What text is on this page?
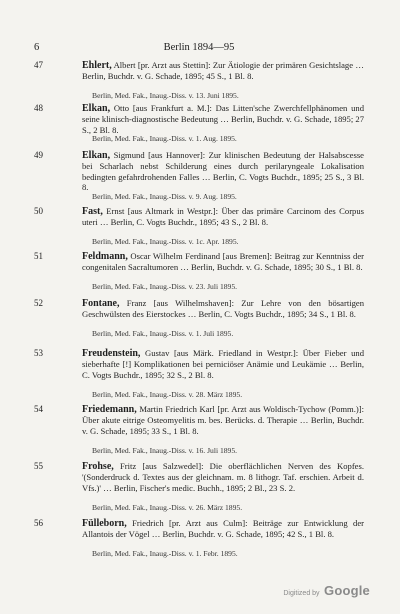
6	Berlin 1894—95
47	Ehlert, Albert [pr. Arzt aus Stettin]: Zur Ätiologie der primären Gesichtslage … Berlin, Buchdr. v. G. Schade, 1895; 45 S., 1 Bl. 8.
Berlin, Med. Fak., Inaug.-Diss. v. 13. Juni 1895.
48	Elkan, Otto [aus Frankfurt a. M.]: Das Litten'sche Zwerchfellphänomen und seine klinisch-diagnostische Bedeutung … Berlin, Buchdr. v. G. Schade, 1895; 27 S., 2 Bl. 8.
Berlin, Med. Fak., Inaug.-Diss. v. 1. Aug. 1895.
49	Elkan, Sigmund [aus Hannover]: Zur klinischen Bedeutung der Halsabscesse bei Scharlach nebst Schilderung eines durch perilaryngeale Lokalisation bedingten gefahrdrohenden Falles … Berlin, C. Vogts Buchdr., 1895; 25 S., 3 Bl. 8.
Berlin, Med. Fak., Inaug.-Diss. v. 9. Aug. 1895.
50	Fast, Ernst [aus Altmark in Westpr.]: Über das primäre Carcinom des Corpus uteri … Berlin, C. Vogts Buchdr., 1895; 43 S., 2 Bl. 8.
Berlin, Med. Fak., Inaug.-Diss. v. 1c. Apr. 1895.
51	Feldmann, Oscar Wilhelm Ferdinand [aus Bremen]: Beitrag zur Kenntniss der congenitalen Sacraltumoren … Berlin, Buchdr. v. G. Schade, 1895; 30 S., 1 Bl. 8.
Berlin, Med. Fak., Inaug.-Diss. v. 23. Juli 1895.
52	Fontane, Franz [aus Wilhelmshaven]: Zur Lehre von den bösartigen Geschwülsten des Eierstockes … Berlin, C. Vogts Buchdr., 1895; 34 S., 1 Bl. 8.
Berlin, Med. Fak., Inaug.-Diss. v. 1. Juli 1895.
53	Freudenstein, Gustav [aus Märk. Friedland in Westpr.]: Über Fieber und sieberhafte [!] Komplikationen bei perniciöser Anämie und Leukämie … Berlin, C. Vogts Buchdr., 1895; 32 S., 2 Bl. 8.
Berlin, Med. Fak., Inaug.-Diss. v. 28. März 1895.
54	Friedemann, Martin Friedrich Karl [pr. Arzt aus Woldisch-Tychow (Pomm.)]: Über akute eitrige Osteomyelitis m. bes. Berücks. d. Therapie … Berlin, Buchdr. v. G. Schade, 1895; 33 S., 1 Bl. 8.
Berlin, Med. Fak., Inaug.-Diss. v. 16. Juli 1895.
55	Frohse, Fritz [aus Salzwedel]: Die oberflächlichen Nerven des Kopfes. '(Sonderdruck d. Textes aus der gleichnam. m. 8 lithogr. Taf. erschien. Arbeit d. Vfs.)' … Berlin, Fischer's medic. Buchh., 1895; 2 Bl., 23 S. 2.
Berlin, Med. Fak., Inaug.-Diss. v. 26. März 1895.
56	Fülleborn, Friedrich [pr. Arzt aus Culm]: Beiträge zur Entwicklung der Allantois der Vögel … Berlin, Buchdr. v. G. Schade, 1895; 42 S., 1 Bl. 8.
Berlin, Med. Fak., Inaug.-Diss. v. 1. Febr. 1895.
Digitized by Google
